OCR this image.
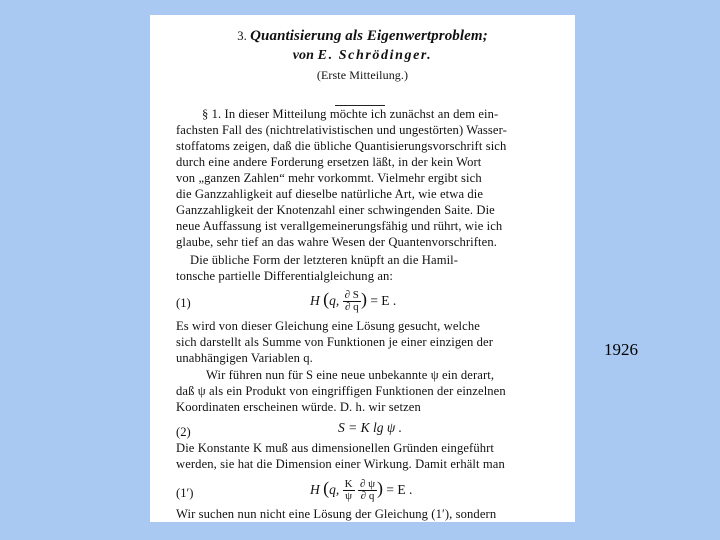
3. Quantisierung als Eigenwertproblem;
von E. Schrödinger.
(Erste Mitteilung.)
§ 1. In dieser Mitteilung möchte ich zunächst an dem ein-
fachsten Fall des (nichtrelativistischen und ungestörten) Wasser-
stoffatoms zeigen, daß die übliche Quantisierungsvorschrift sich
durch eine andere Forderung ersetzen läßt, in der kein Wort
von „ganzen Zahlen“ mehr vorkommt. Vielmehr ergibt sich
die Ganzzahligkeit auf dieselbe natürliche Art, wie etwa die
Ganzzahligkeit der Knotenzahl einer schwingenden Saite. Die
neue Auffassung ist verallgemeinerungsfähig und rührt, wie ich
glaube, sehr tief an das wahre Wesen der Quantenvorschriften.
Die übliche Form der letzteren knüpft an die Hamil-
tonsche partielle Differentialgleichung an:
(1)	H (q, $\frac{\partial S}{\partial q}$ ) = E .
Es wird von dieser Gleichung eine Lösung gesucht, welche
sich darstellt als Summe von Funktionen je einer einzigen der
unabhängigen Variablen q.
Wir führen nun für S eine neue unbekannte ψ ein derart,
daß ψ als ein Produkt von eingriffigen Funktionen der einzelnen
Koordinaten erscheinen würde. D. h. wir setzen
(2)	S = K lg ψ .
Die Konstante K muß aus dimensionellen Gründen eingeführt
werden, sie hat die Dimension einer Wirkung. Damit erhält man
(1′)	H (q, $\frac{K}{\psi}$
$\frac{\partial \psi}{\partial q}$ ) = E .
Wir suchen nun nicht eine Lösung der Gleichung (1′), sondern
1926
